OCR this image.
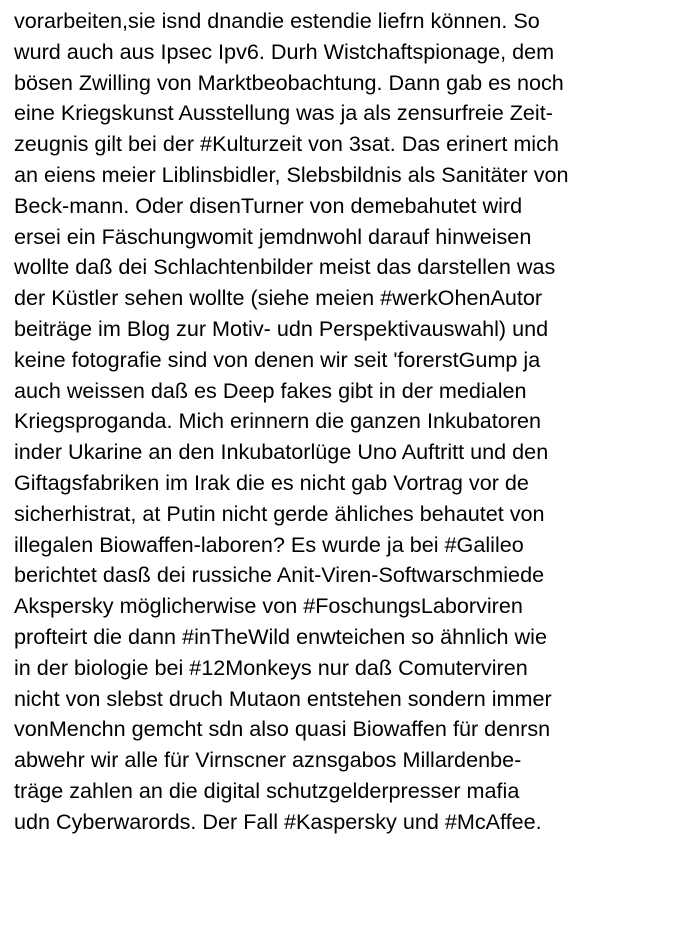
vorarbeiten,sie isnd dnandie estendie liefrn können. So
wurd auch aus Ipsec Ipv6. Durh Wistchaftspionage, dem
bösen Zwilling von Marktbeobachtung. Dann gab es noch
eine Kriegskunst Ausstellung was ja als zensurfreie Zeit-
zeugnis gilt bei der #Kulturzeit von 3sat. Das erinert mich
an eiens meier Liblinsbidler, Slebsbildnis als Sanitäter von
Beck-mann. Oder disenTurner von demebahutet wird
ersei ein Fäschungwomit jemdnwohl darauf hinweisen
wollte daß dei Schlachtenbilder meist das darstellen was
der Küstler sehen wollte (siehe meien #werkOhenAutor
beiträge im Blog zur Motiv- udn Perspektivauswahl) und
keine fotografie sind von denen wir seit 'forerstGump ja
auch weissen daß es Deep fakes gibt in der medialen
Kriegsproganda. Mich erinnern die ganzen Inkubatoren
inder Ukarine an den Inkubatorlüge Uno Auftritt und den
Giftagsfabriken im Irak die es nicht gab Vortrag vor de
sicherhistrat, at Putin nicht gerde ähliches behautet von
illegalen Biowaffen-laboren? Es wurde ja bei #Galileo
berichtet dasß dei russiche Anit-Viren-Softwarschmiede
Akspersky möglicherwise von #FoschungsLaborviren
profteirt die dann #inTheWild enwteichen so ähnlich wie
in der biologie bei #12Monkeys nur daß Comuterviren
nicht von slebst druch Mutaon entstehen sondern immer
vonMenchn gemcht sdn also quasi Biowaffen für denrsn
abwehr wir alle für Virnscner aznsgabos Millardenbe-
träge zahlen an die digital schutzgelderpresser mafia
udn Cyberwarords. Der Fall #Kaspersky und #McAffee.
